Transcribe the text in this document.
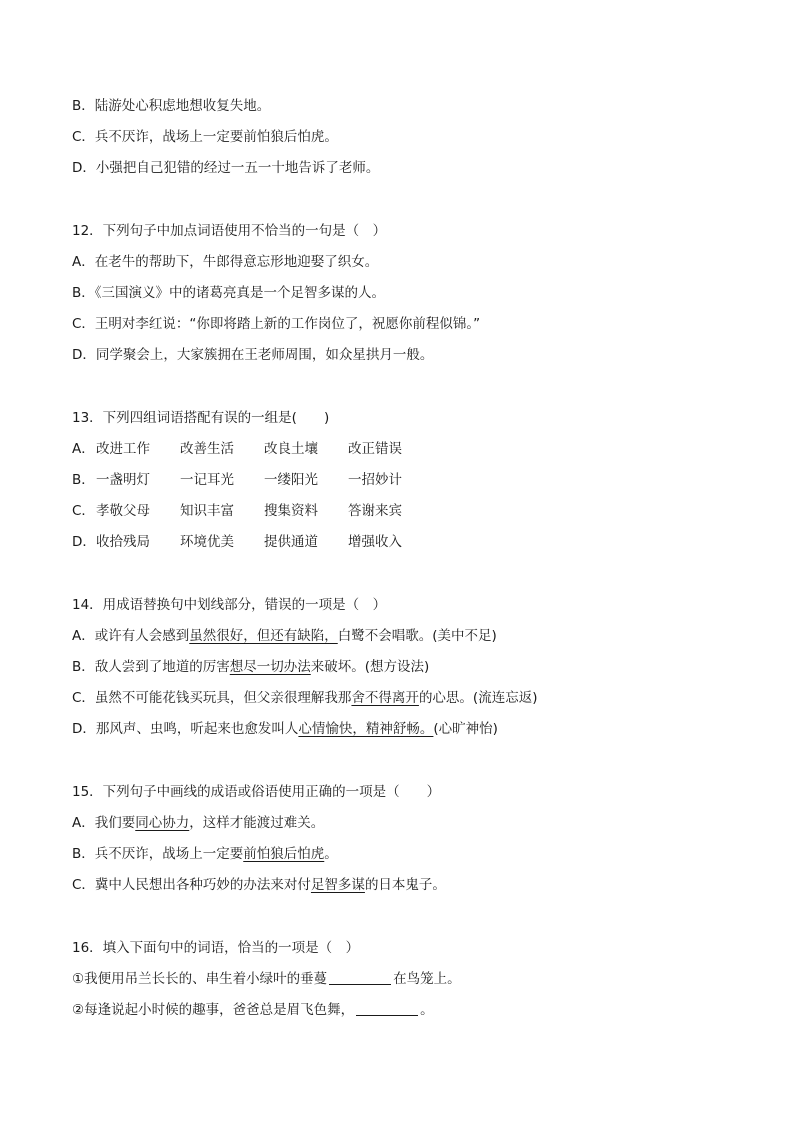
B．陆游处心积虑地想收复失地。
C．兵不厌诈，战场上一定要前怕狼后怕虎。
D．小强把自己犯错的经过一五一十地告诉了老师。
12．下列句子中加点词语使用不恰当的一句是（　）
A．在老牛的帮助下，牛郎得意忘形地迎娶了织女。
B．《三国演义》中的诸葛亮真是一个足智多谋的人。
C．王明对李红说：“你即将踏上新的工作岗位了，祝愿你前程似锦。”
D．同学聚会上，大家簇拥在王老师周围，如众星拱月一般。
13．下列四组词语搭配有误的一组是(　　)
A．改进工作 改善生活 改良土壤 改正错误
B．一盏明灯 一记耳光 一缕阳光 一招妙计
C．孝敬父母 知识丰富 搜集资料 答谢来宾
D．收拾残局 环境优美 提供通道 增强收入
14．用成语替换句中划线部分，错误的一项是（　）
A．或许有人会感到虽然很好，但还有缺陷，白鹭不会唱歌。(美中不足)
B．敌人尝到了地道的厉害想尽一切办法来破坏。(想方设法)
C．虽然不可能花钱买玩具，但父亲很理解我那舍不得离开的心思。(流连忘返)
D．那风声、虫鸣，听起来也愈发叫人心情愉快，精神舒畅。(心旷神怡)
15．下列句子中画线的成语或俗语使用正确的一项是（　　）
A．我们要同心协力，这样才能渡过难关。
B．兵不厌诈，战场上一定要前怕狼后怕虎。
C．冀中人民想出各种巧妙的办法来对付足智多谋的日本鬼子。
16．填入下面句中的词语，恰当的一项是（　）
①我便用吊兰长长的、串生着小绿叶的垂蔓	在鸟笼上。
②每逢说起小时候的趣事，爸爸总是眉飞色舞，	。
